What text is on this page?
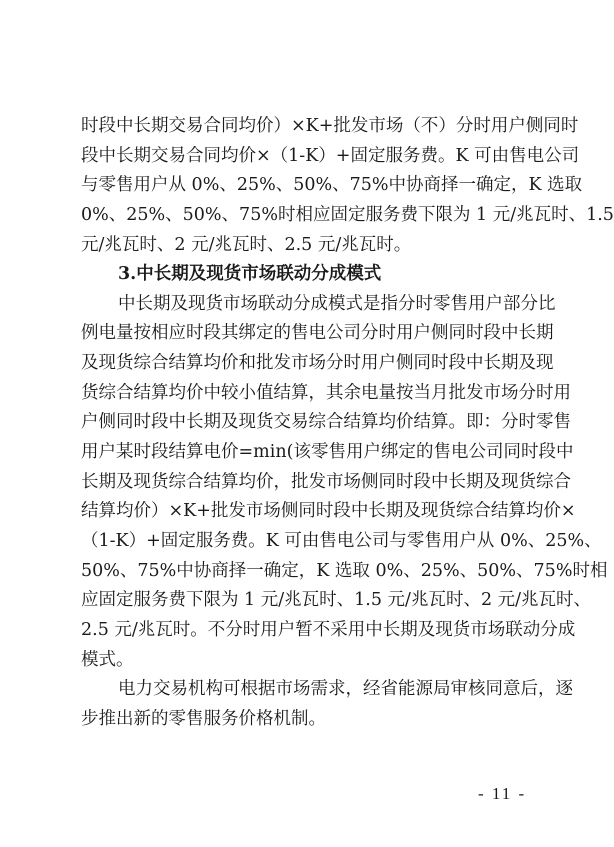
时段中长期交易合同均价）×K+批发市场（不）分时用户侧同时
段中长期交易合同均价×（1-K）+固定服务费。K 可由售电公司
与零售用户从 0%、25%、50%、75%中协商择一确定，K 选取
0%、25%、50%、75%时相应固定服务费下限为 1 元/兆瓦时、1.5
元/兆瓦时、2 元/兆瓦时、2.5 元/兆瓦时。
3.中长期及现货市场联动分成模式
中长期及现货市场联动分成模式是指分时零售用户部分比
例电量按相应时段其绑定的售电公司分时用户侧同时段中长期
及现货综合结算均价和批发市场分时用户侧同时段中长期及现
货综合结算均价中较小值结算，其余电量按当月批发市场分时用
户侧同时段中长期及现货交易综合结算均价结算。即：分时零售
用户某时段结算电价=min(该零售用户绑定的售电公司同时段中
长期及现货综合结算均价，批发市场侧同时段中长期及现货综合
结算均价）×K+批发市场侧同时段中长期及现货综合结算均价×
（1-K）+固定服务费。K 可由售电公司与零售用户从 0%、25%、
50%、75%中协商择一确定，K 选取 0%、25%、50%、75%时相
应固定服务费下限为 1 元/兆瓦时、1.5 元/兆瓦时、2 元/兆瓦时、
2.5 元/兆瓦时。不分时用户暂不采用中长期及现货市场联动分成
模式。
电力交易机构可根据市场需求，经省能源局审核同意后，逐
步推出新的零售服务价格机制。
- 11 -
